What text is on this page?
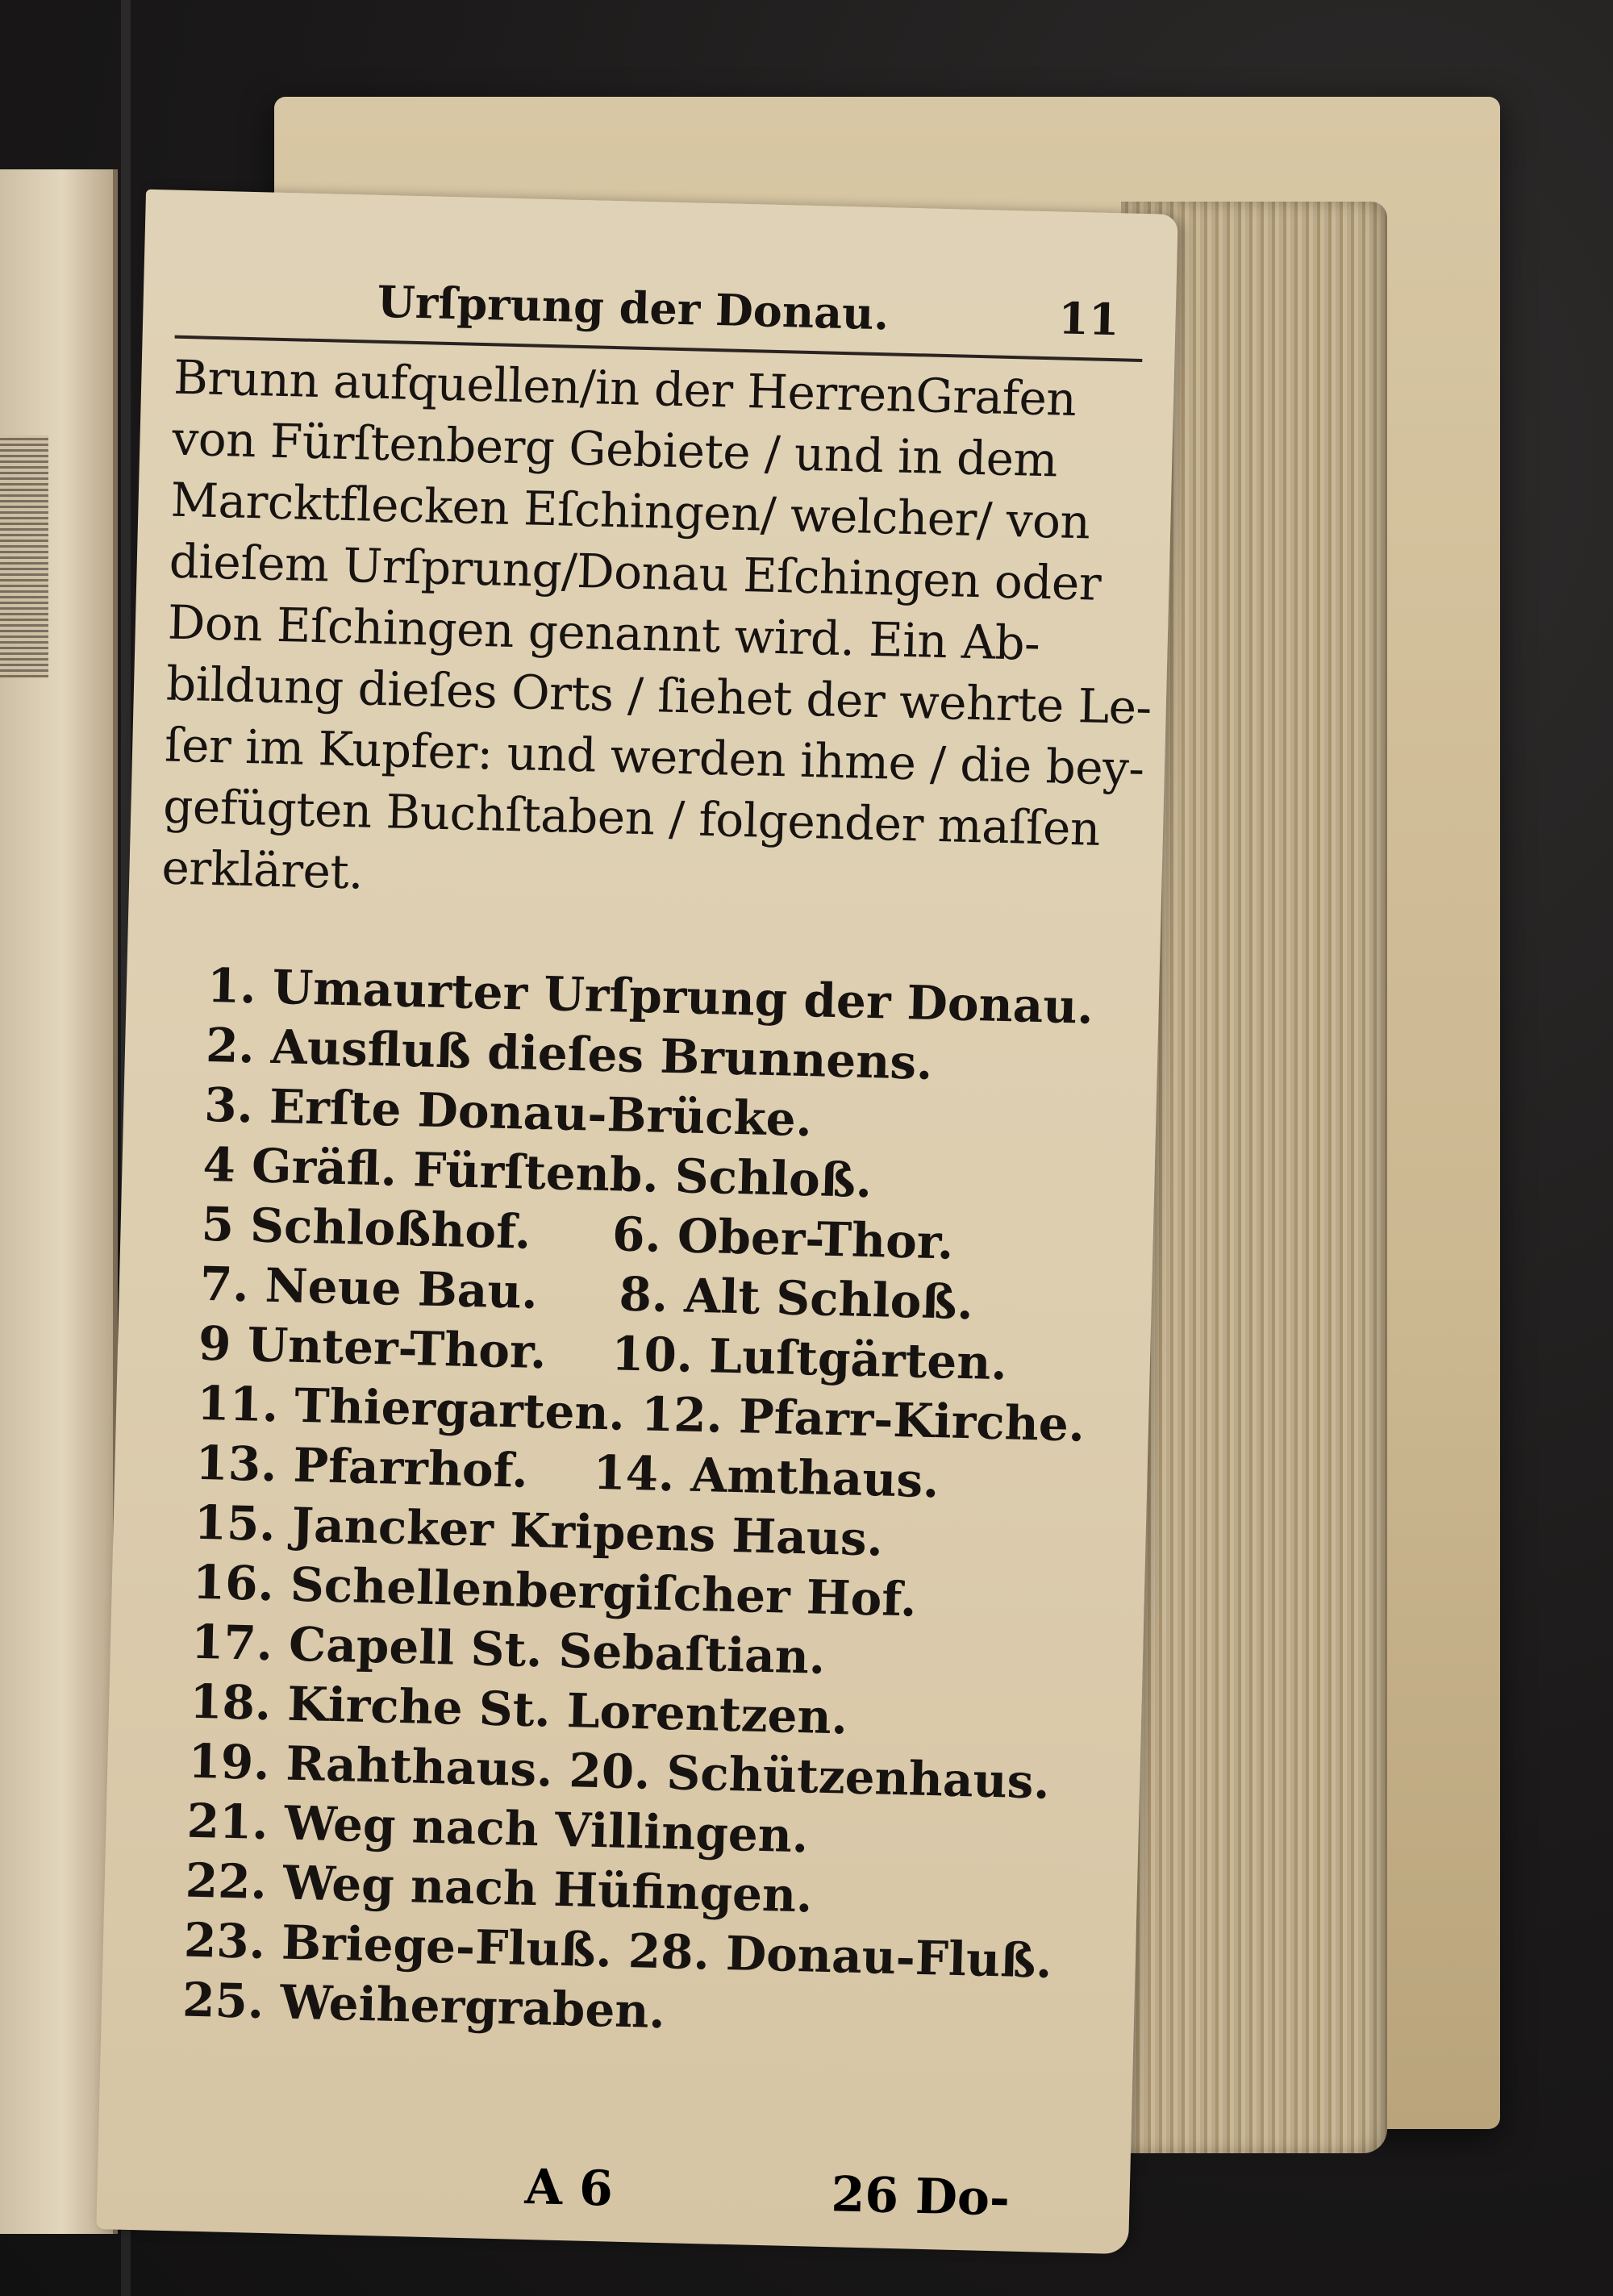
Urſprung der Donau.	11
Brunn aufquellen/in der HerrenGrafen
von Fürſtenberg Gebiete / und in dem
Marcktflecken Eſchingen/ welcher/ von
dieſem Urſprung/Donau Eſchingen oder
Don Eſchingen genannt wird. Ein Ab-
bildung dieſes Orts / ſiehet der wehrte Le-
ſer im Kupfer: und werden ihme / die bey-
gefügten Buchſtaben / folgender maſſen
erkläret.
1. Umaurter Urſprung der Donau.
2. Ausfluß dieſes Brunnens.
3. Erſte Donau-Brücke.
4 Gräfl. Fürſtenb. Schloß.
5 Schloßhof.     6. Ober-Thor.
7. Neue Bau.     8. Alt Schloß.
9 Unter-Thor.    10. Luſtgärten.
11. Thiergarten. 12. Pfarr-Kirche.
13. Pfarrhof.    14. Amthaus.
15. Jancker Kripens Haus.
16. Schellenbergiſcher Hof.
17. Capell St. Sebaſtian.
18. Kirche St. Lorentzen.
19. Rahthaus. 20. Schützenhaus.
21. Weg nach Villingen.
22. Weg nach Hüfingen.
23. Briege-Fluß. 28. Donau-Fluß.
25. Weihergraben.
A 6	26 Do-
